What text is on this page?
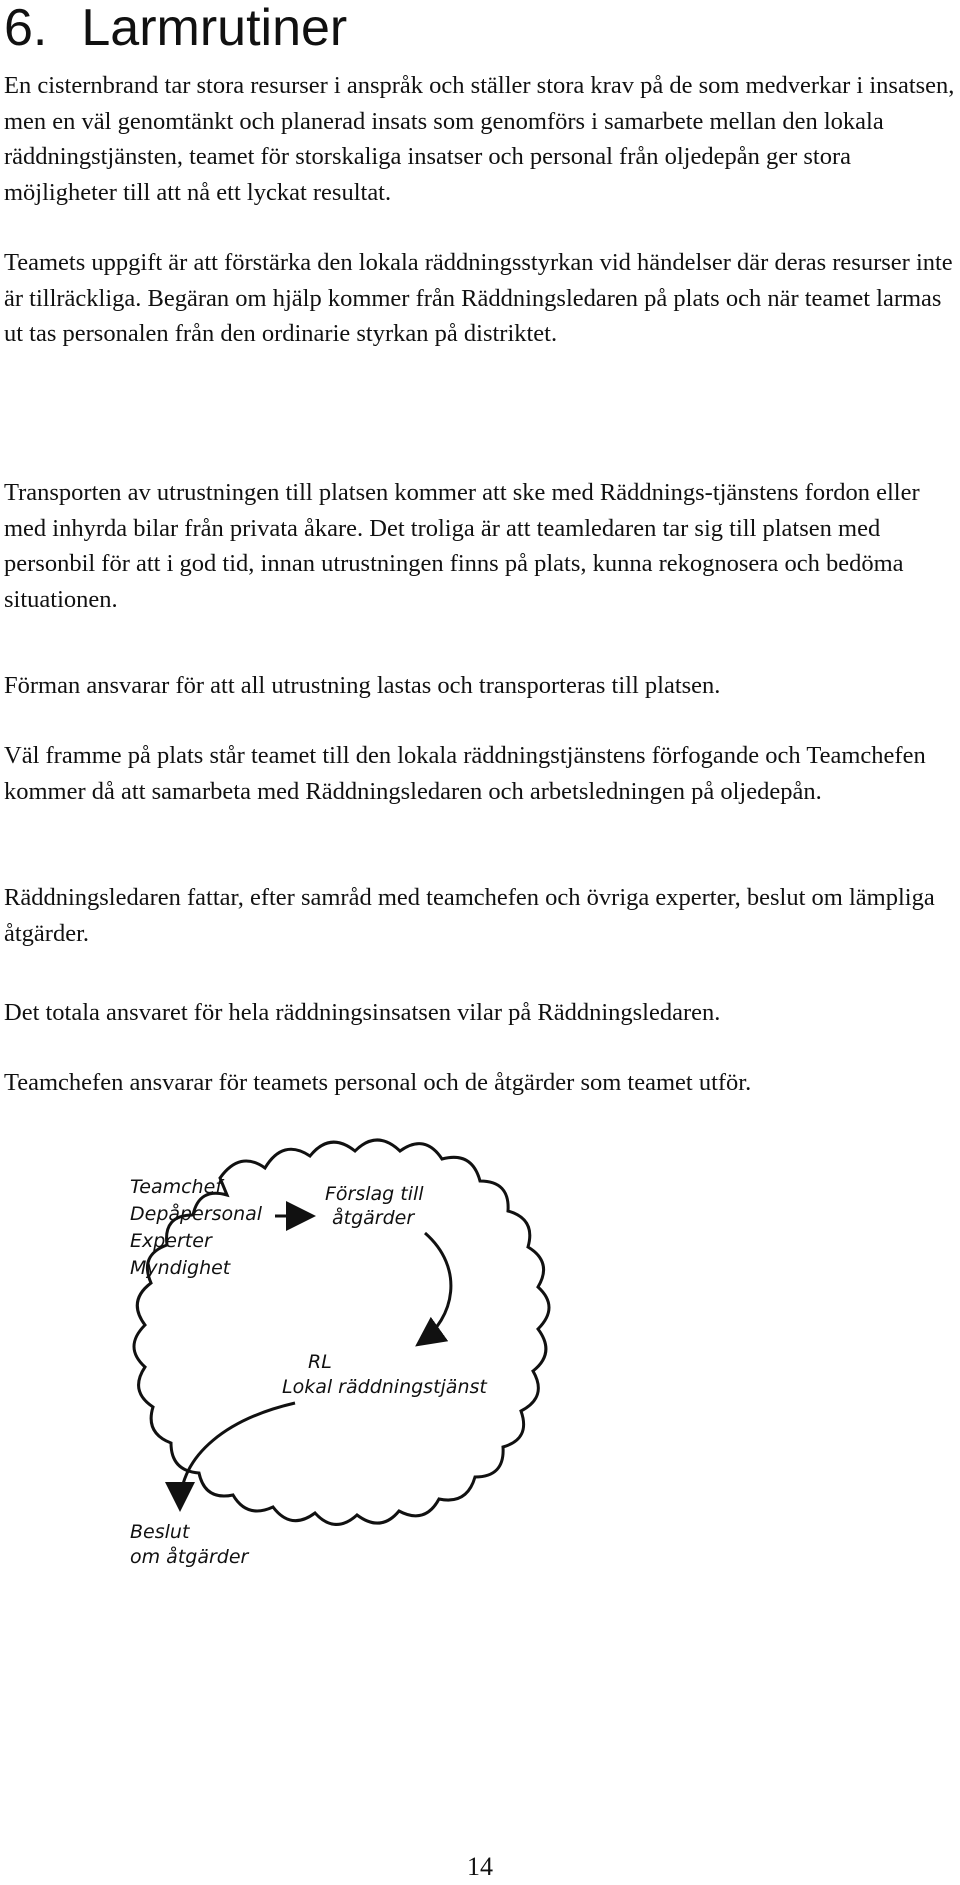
6. Larmrutiner

En cisternbrand tar stora resurser i anspråk och ställer stora krav på de som medverkar i insatsen, men en väl genomtänkt och planerad insats som genomförs i samarbete mellan den lokala räddningstjänsten, teamet för storskaliga insatser och personal från oljedepån ger stora möjligheter till att nå ett lyckat resultat.

Teamets uppgift är att förstärka den lokala räddningsstyrkan vid händelser där deras resurser inte är tillräckliga. Begäran om hjälp kommer från Räddningsledaren på plats och när teamet larmas ut tas personalen från den ordinarie styrkan på distriktet.

Transporten av utrustningen till platsen kommer att ske med Räddnings-tjänstens fordon eller med inhyrda bilar från privata åkare. Det troliga är att teamledaren tar sig till platsen med personbil för att i god tid, innan utrustningen finns på plats, kunna rekognosera och bedöma situationen.

Förman ansvarar för att all utrustning lastas och transporteras till platsen.

Väl framme på plats står teamet till den lokala räddningstjänstens förfogande och Teamchefen kommer då att samarbeta med Räddningsledaren och arbetsledningen på oljedepån.

Räddningsledaren fattar, efter samråd med teamchefen och övriga experter, beslut om lämpliga åtgärder.

Det totala ansvaret för hela räddningsinsatsen vilar på Räddningsledaren.

Teamchefen ansvarar för teamets personal och de åtgärder som teamet utför.

Teamchef
Depåpersonal
Experter
Myndighet
Förslag till
åtgärder
RL
Lokal räddningstjänst
Beslut
om åtgärder
14
